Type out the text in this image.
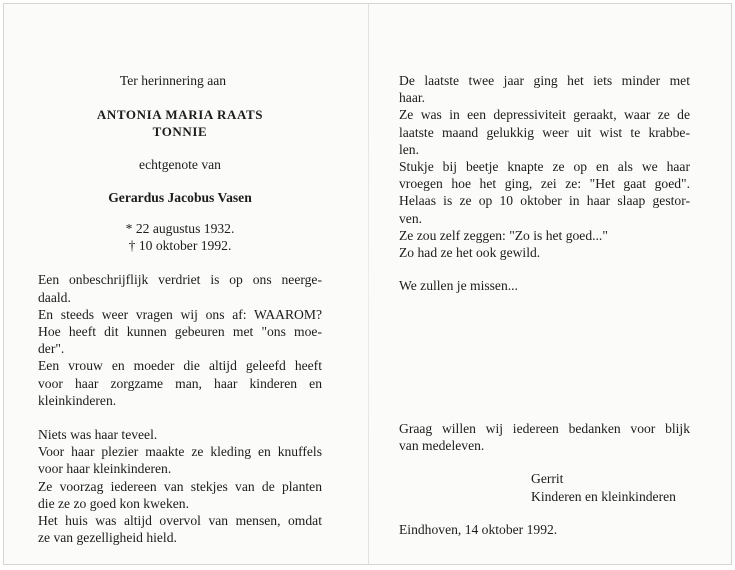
Ter herinnering aan

ANTONIA MARIA RAATS

TONNIE

echtgenote van

Gerardus Jacobus Vasen

* 22 augustus 1932.

† 10 oktober 1992.

Een onbeschrijflijk verdriet is op ons neerge-

daald.

En steeds weer vragen wij ons af: WAAROM?

Hoe heeft dit kunnen gebeuren met "ons moe-

der".

Een vrouw en moeder die altijd geleefd heeft

voor haar zorgzame man, haar kinderen en

kleinkinderen.

Niets was haar teveel.

Voor haar plezier maakte ze kleding en knuffels

voor haar kleinkinderen.

Ze voorzag iedereen van stekjes van de planten

die ze zo goed kon kweken.

Het huis was altijd overvol van mensen, omdat

ze van gezelligheid hield.

De laatste twee jaar ging het iets minder met

haar.

Ze was in een depressiviteit geraakt, waar ze de

laatste maand gelukkig weer uit wist te krabbe-

len.

Stukje bij beetje knapte ze op en als we haar

vroegen hoe het ging, zei ze: "Het gaat goed".

Helaas is ze op 10 oktober in haar slaap gestor-

ven.

Ze zou zelf zeggen: "Zo is het goed..."

Zo had ze het ook gewild.

We zullen je missen...

Graag willen wij iedereen bedanken voor blijk

van medeleven.

Gerrit

Kinderen en kleinkinderen

Eindhoven, 14 oktober 1992.
